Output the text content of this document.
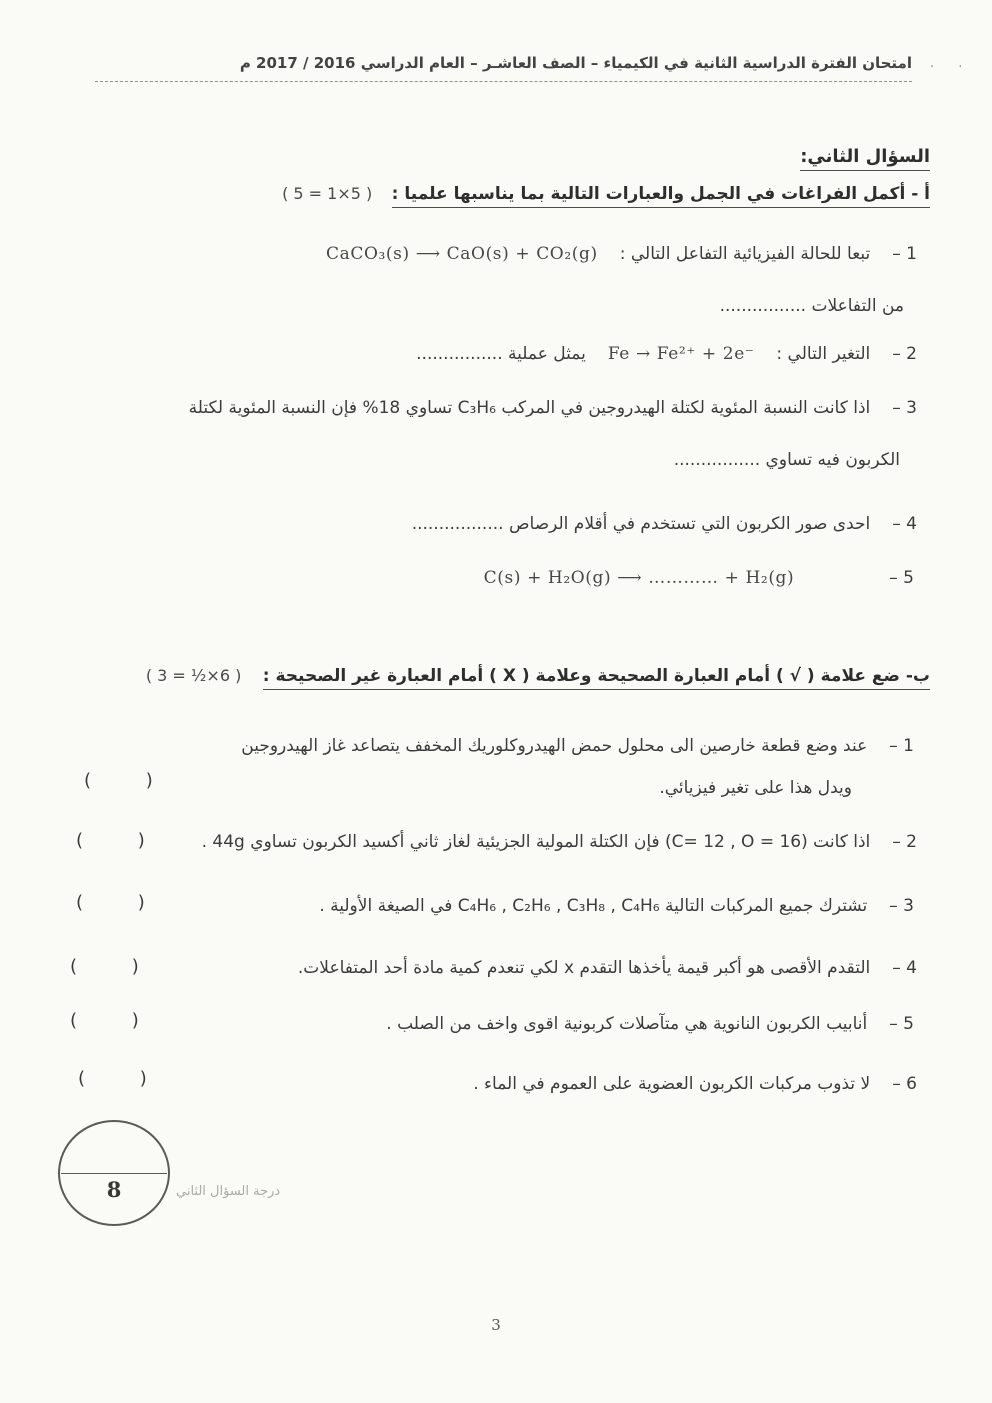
· ·
امتحان الفترة الدراسية الثانية في الكيمياء – الصف العاشـر – العام الدراسي 2016 / 2017 م
السؤال الثاني:
أ - أكمل الفراغات في الجمل والعبارات التالية بما يناسبها علميا : ( 5 = 1×5 )
1 –
تبعا للحالة الفيزيائية التفاعل التالي :
CaCO₃(s) ⟶ CaO(s) + CO₂(g)
من التفاعلات ................
2 –
التغير التالي :
Fe → Fe²⁺ + 2e⁻
يمثل عملية ................
3 –
اذا كانت النسبة المئوية لكتلة الهيدروجين في المركب C₃H₆ تساوي 18% فإن النسبة المئوية لكتلة
الكربون فيه تساوي ................
4 –
احدى صور الكربون التي تستخدم في أقلام الرصاص .................
5 –
C(s) + H₂O(g) ⟶ ………… + H₂(g)
ب- ضع علامة ( √ ) أمام العبارة الصحيحة وعلامة ( X ) أمام العبارة غير الصحيحة : ( 3 = ½×6 )
1 –
عند وضع قطعة خارصين الى محلول حمض الهيدروكلوريك المخفف يتصاعد غاز الهيدروجين
ويدل هذا على تغير فيزيائي.
(        )
2 –
اذا كانت (C= 12 , O = 16) فإن الكتلة المولية الجزيئية لغاز ثاني أكسيد الكربون تساوي 44g .
(        )
3 –
تشترك جميع المركبات التالية C₄H₆ , C₂H₆ , C₃H₈ , C₄H₆ في الصيغة الأولية .
(        )
4 –
التقدم الأقصى هو أكبر قيمة يأخذها التقدم x لكي تنعدم كمية مادة أحد المتفاعلات.
(        )
5 –
أنابيب الكربون النانوية هي متآصلات كربونية اقوى واخف من الصلب .
(        )
6 –
لا تذوب مركبات الكربون العضوية على العموم في الماء .
(        )
8	درجة السؤال الثاني
3
